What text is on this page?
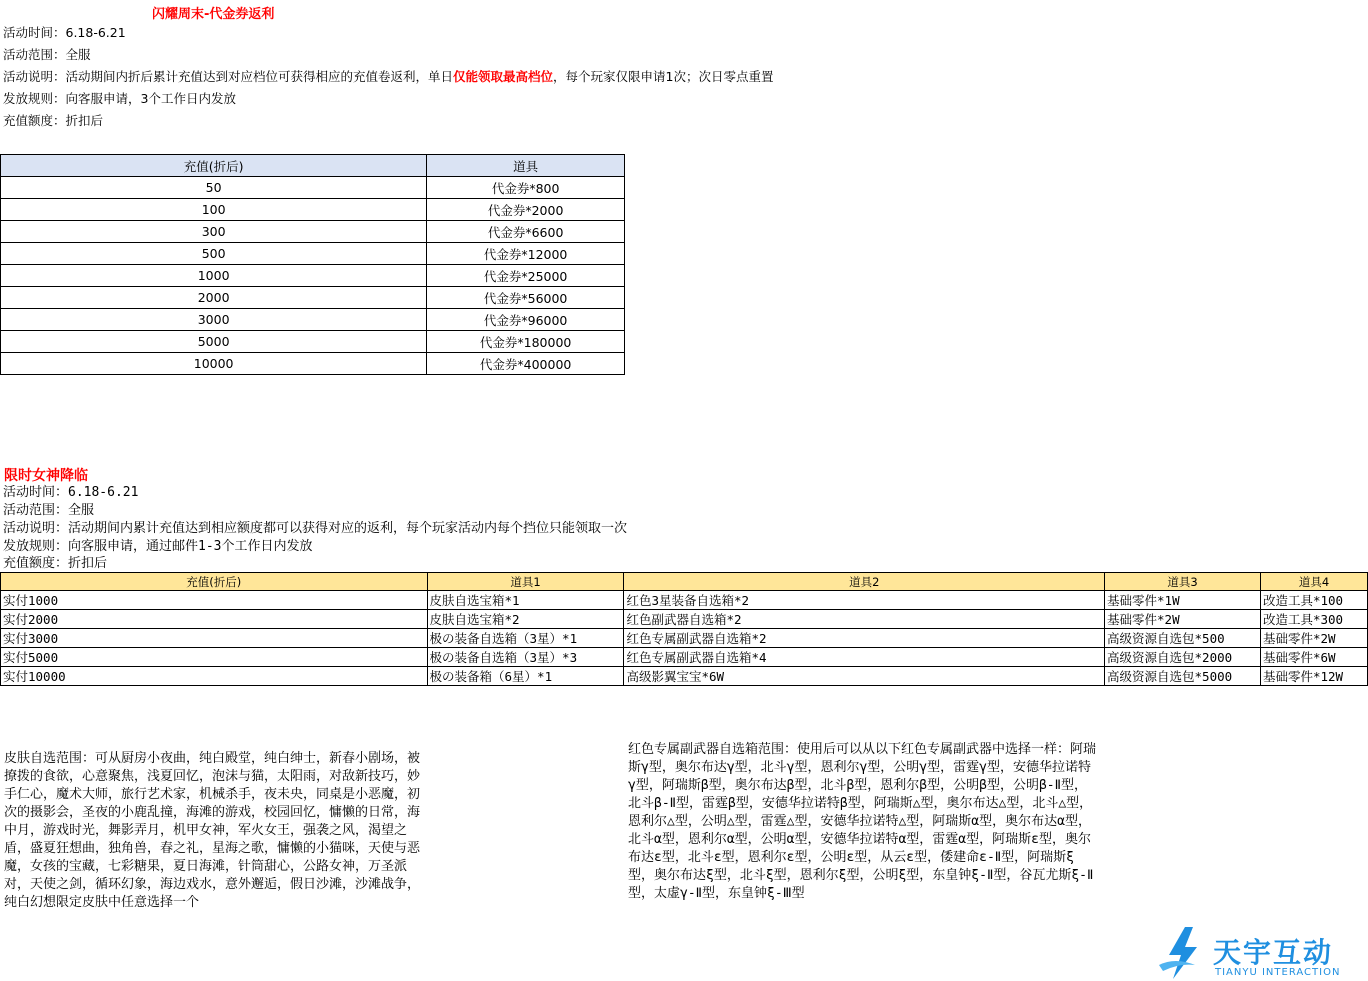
闪耀周末-代金券返利
活动时间：6.18-6.21
活动范围：全服
活动说明：活动期间内折后累计充值达到对应档位可获得相应的充值卷返利，单日仅能领取最高档位，每个玩家仅限申请1次；次日零点重置
发放规则：向客服申请，3个工作日内发放
充值额度：折扣后
充值(折后)	道具
50	代金券*800
100	代金券*2000
300	代金券*6600
500	代金券*12000
1000	代金券*25000
2000	代金券*56000
3000	代金券*96000
5000	代金券*180000
10000	代金券*400000
限时女神降临
活动时间：6.18-6.21
活动范围：全服
活动说明：活动期间内累计充值达到相应额度都可以获得对应的返利，每个玩家活动内每个挡位只能领取一次
发放规则：向客服申请，通过邮件1-3个工作日内发放
充值额度：折扣后
充值(折后)	道具1	道具2	道具3	道具4
实付1000	皮肤自选宝箱*1	红色3星装备自选箱*2	基础零件*1W	改造工具*100
实付2000	皮肤自选宝箱*2	红色副武器自选箱*2	基础零件*2W	改造工具*300
实付3000	极の装备自选箱（3星）*1	红色专属副武器自选箱*2	高级资源自选包*500	基础零件*2W
实付5000	极の装备自选箱（3星）*3	红色专属副武器自选箱*4	高级资源自选包*2000	基础零件*6W
实付10000	极の装备箱（6星）*1	高级影翼宝宝*6W	高级资源自选包*5000	基础零件*12W
皮肤自选范围：可从厨房小夜曲，纯白殿堂，纯白绅士，新春小剧场，被撩拨的食欲，心意聚焦，浅夏回忆，泡沫与猫，太阳雨，对敌新技巧，妙手仁心，魔术大师，旅行艺术家，机械杀手，夜未央，同桌是小恶魔，初次的摄影会，圣夜的小鹿乱撞，海滩的游戏，校园回忆，慵懒的日常，海中月，游戏时光，舞影弄月，机甲女神，军火女王，强袭之风，渴望之盾，盛夏狂想曲，独角兽，春之礼，星海之歌，慵懒的小猫咪，天使与恶魔，女孩的宝藏，七彩糖果，夏日海滩，针筒甜心，公路女神，万圣派对，天使之剑，循环幻象，海边戏水，意外邂逅，假日沙滩，沙滩战争，纯白幻想限定皮肤中任意选择一个
红色专属副武器自选箱范围：使用后可以从以下红色专属副武器中选择一样：阿瑞斯γ型，奥尔布达γ型，北斗γ型，恩利尔γ型，公明γ型，雷霆γ型，安德华拉诺特γ型，阿瑞斯β型，奥尔布达β型，北斗β型，恩利尔β型，公明β型，公明β-Ⅱ型，北斗β-Ⅱ型，雷霆β型，安德华拉诺特β型，阿瑞斯△型，奥尔布达△型，北斗△型，恩利尔△型，公明△型，雷霆△型，安德华拉诺特△型，阿瑞斯α型，奥尔布达α型，北斗α型，恩利尔α型，公明α型，安德华拉诺特α型，雷霆α型，阿瑞斯ε型，奥尔布达ε型，北斗ε型，恩利尔ε型，公明ε型，从云ε型，倭建命ε-Ⅱ型，阿瑞斯ξ型，奥尔布达ξ型，北斗ξ型，恩利尔ξ型，公明ξ型，东皇钟ξ-Ⅱ型，谷瓦尤斯ξ-Ⅱ型，太虚γ-Ⅱ型，东皇钟ξ-Ⅲ型
天宇互动
TIANYU INTERACTION
